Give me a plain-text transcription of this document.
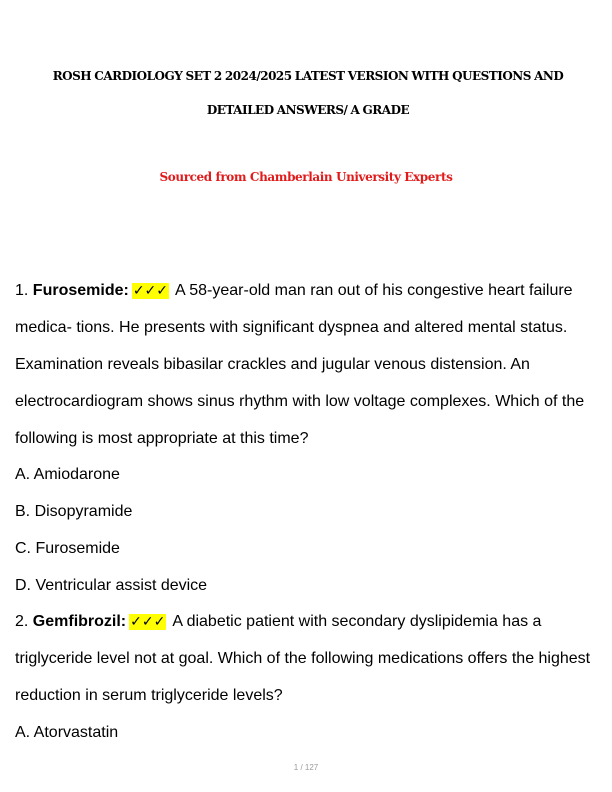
ROSH CARDIOLOGY SET 2 2024/2025 LATEST VERSION WITH QUESTIONS AND
DETAILED ANSWERS/ A GRADE
Sourced from Chamberlain University Experts
1. Furosemide: ✓✓✓ A 58-year-old man ran out of his congestive heart failure
medica- tions. He presents with significant dyspnea and altered mental status.
Examination reveals bibasilar crackles and jugular venous distension. An
electrocardiogram shows sinus rhythm with low voltage complexes. Which of the
following is most appropriate at this time?
A. Amiodarone
B. Disopyramide
C. Furosemide
D. Ventricular assist device
2. Gemfibrozil: ✓✓✓ A diabetic patient with secondary dyslipidemia has a
triglyceride level not at goal. Which of the following medications offers the highest
reduction in serum triglyceride levels?
A. Atorvastatin
1 / 127
